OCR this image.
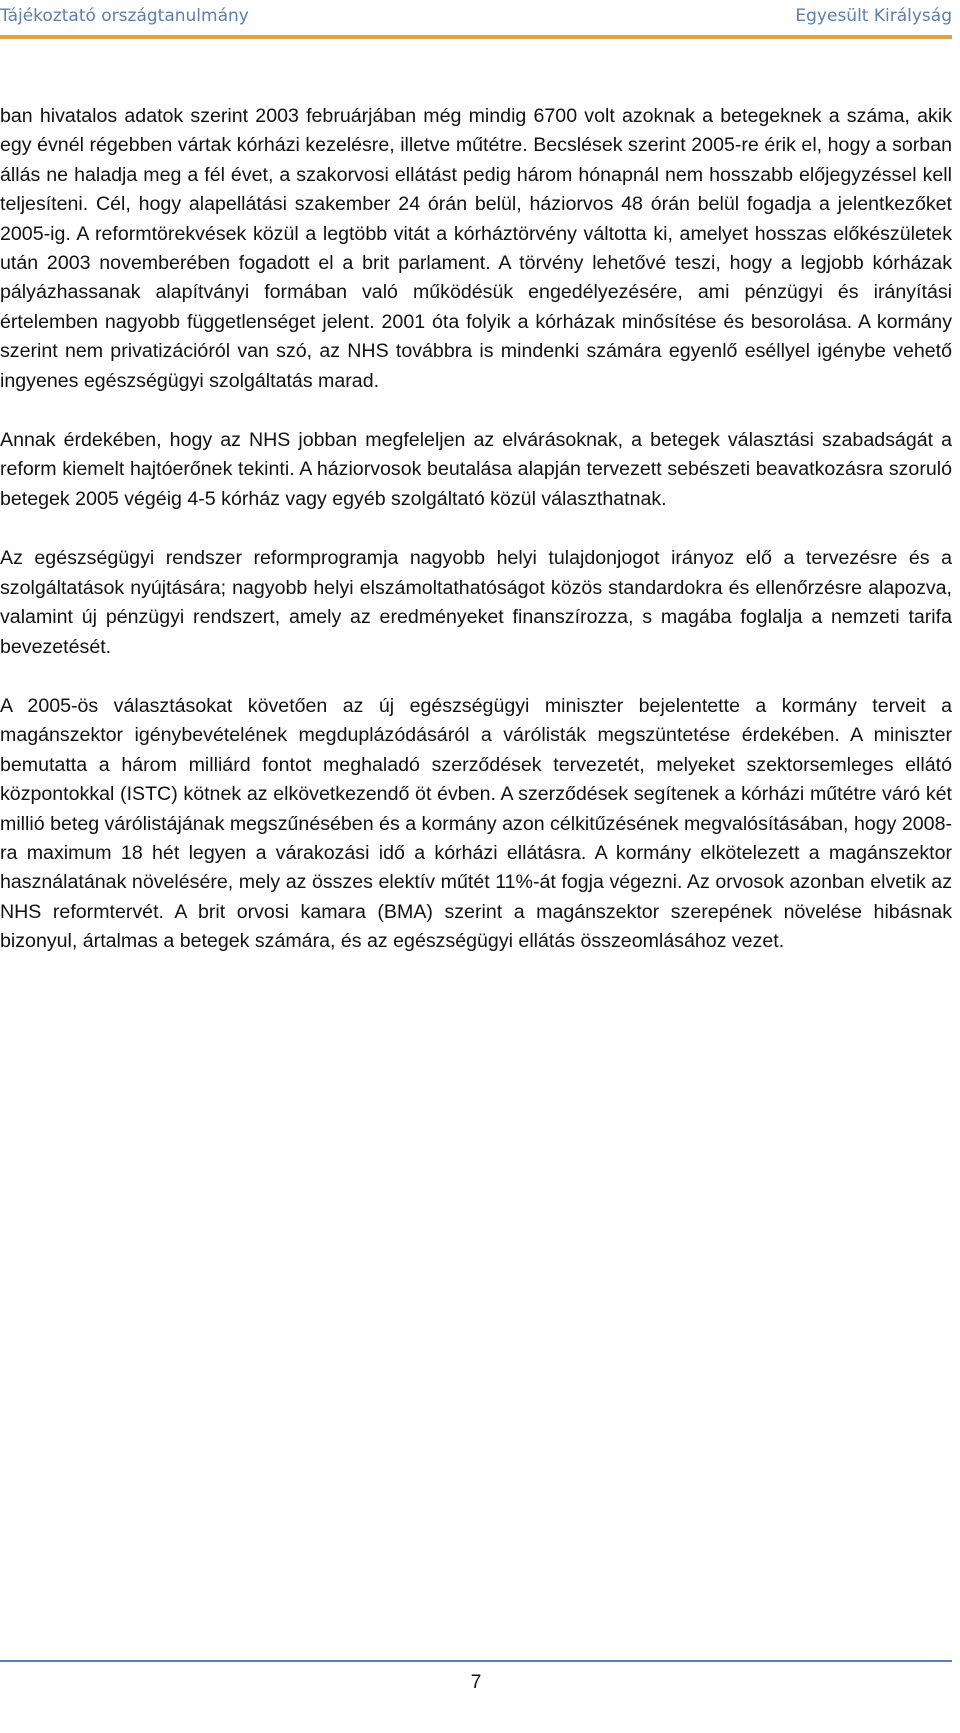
Tájékoztató országtanulmány	Egyesült Királyság

ban hivatalos adatok szerint 2003 februárjában még mindig 6700 volt azoknak a betegeknek a száma, akik egy évnél régebben vártak kórházi kezelésre, illetve műtétre. Becslések szerint 2005-re érik el, hogy a sorban állás ne haladja meg a fél évet, a szakorvosi ellátást pedig három hónapnál nem hosszabb előjegyzéssel kell teljesíteni. Cél, hogy alapellátási szakember 24 órán belül, háziorvos 48 órán belül fogadja a jelentkezőket 2005-ig. A reformtörekvések közül a legtöbb vitát a kórháztörvény váltotta ki, amelyet hosszas előkészületek után 2003 novemberében fogadott el a brit parlament. A törvény lehetővé teszi, hogy a legjobb kórházak pályázhassanak alapítványi formában való működésük engedélyezésére, ami pénzügyi és irányítási értelemben nagyobb függetlenséget jelent. 2001 óta folyik a kórházak minősítése és besorolása. A kormány szerint nem privatizációról van szó, az NHS továbbra is mindenki számára egyenlő eséllyel igénybe vehető ingyenes egészségügyi szolgáltatás marad.

Annak érdekében, hogy az NHS jobban megfeleljen az elvárásoknak, a betegek választási szabadságát a reform kiemelt hajtóerőnek tekinti. A háziorvosok beutalása alapján tervezett sebészeti beavatkozásra szoruló betegek 2005 végéig 4-5 kórház vagy egyéb szolgáltató közül választhatnak.

Az egészségügyi rendszer reformprogramja nagyobb helyi tulajdonjogot irányoz elő a tervezésre és a szolgáltatások nyújtására; nagyobb helyi elszámoltathatóságot közös standardokra és ellenőrzésre alapozva, valamint új pénzügyi rendszert, amely az eredményeket finanszírozza, s magába foglalja a nemzeti tarifa bevezetését.

A 2005-ös választásokat követően az új egészségügyi miniszter bejelentette a kormány terveit a magánszektor igénybevételének megduplázódásáról a várólisták megszüntetése érdekében. A miniszter bemutatta a három milliárd fontot meghaladó szerződések tervezetét, melyeket szektorsemleges ellátó központokkal (ISTC) kötnek az elkövetkezendő öt évben. A szerződések segítenek a kórházi műtétre váró két millió beteg várólistájának megszűnésében és a kormány azon célkitűzésének megvalósításában, hogy 2008-ra maximum 18 hét legyen a várakozási idő a kórházi ellátásra. A kormány elkötelezett a magánszektor használatának növelésére, mely az összes elektív műtét 11%-át fogja végezni. Az orvosok azonban elvetik az NHS reformtervét. A brit orvosi kamara (BMA) szerint a magánszektor szerepének növelése hibásnak bizonyul, ártalmas a betegek számára, és az egészségügyi ellátás összeomlásához vezet.

7
